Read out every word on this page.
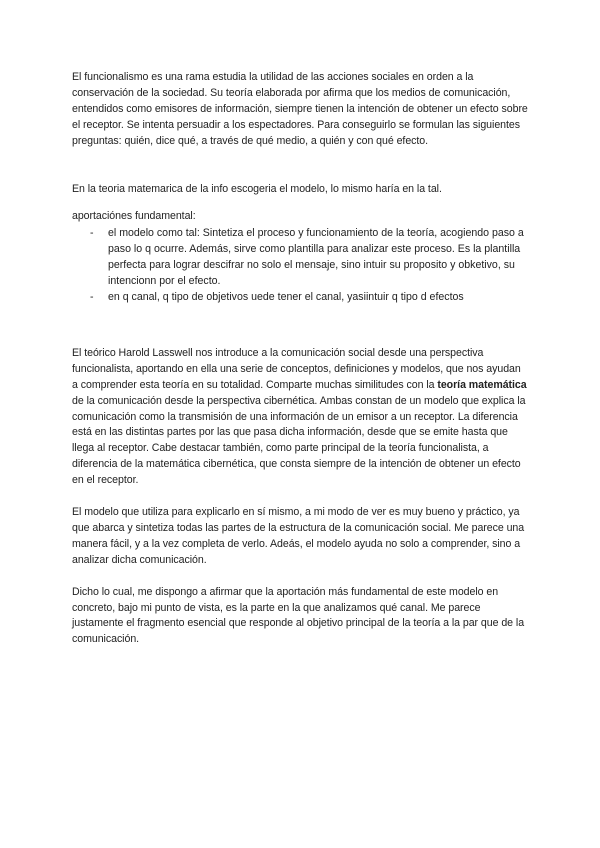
El funcionalismo es una rama estudia la utilidad de las acciones sociales en orden a la conservación de la sociedad. Su teoría elaborada por afirma que los medios de comunicación, entendidos como emisores de información, siempre tienen la intención de obtener un efecto sobre el receptor. Se intenta persuadir a los espectadores. Para conseguirlo se formulan las siguientes preguntas: quién, dice qué, a través de qué medio, a quién y con qué efecto.

En la teoria matemarica de la info escogeria el modelo, lo mismo haría en la tal.

aportaciónes fundamental:

- el modelo como tal: Sintetiza el proceso y funcionamiento de la teoría, acogiendo paso a paso lo q ocurre. Además, sirve como plantilla para analizar este proceso. Es la plantilla perfecta para lograr descifrar no solo el mensaje, sino intuir su proposito y obketivo, su intencionn por el efecto.
- en q canal, q tipo de objetivos uede tener el canal, yasiintuir q tipo d efectos

El teórico Harold Lasswell nos introduce a la comunicación social desde una perspectiva funcionalista, aportando en ella una serie de conceptos, definiciones y modelos, que nos ayudan a comprender esta teoría en su totalidad. Comparte muchas similitudes con la teoría matemática de la comunicación desde la perspectiva cibernética. Ambas constan de un modelo que explica la comunicación como la transmisión de una información de un emisor a un receptor. La diferencia está en las distintas partes por las que pasa dicha información, desde que se emite hasta que llega al receptor. Cabe destacar también, como parte principal de la teoría funcionalista, a diferencia de la matemática cibernética, que consta siempre de la intención de obtener un efecto en el receptor.

El modelo que utiliza para explicarlo en sí mismo, a mi modo de ver es muy bueno y práctico, ya que abarca y sintetiza todas las partes de la estructura de la comunicación social. Me parece una manera fácil, y a la vez completa de verlo. Adeás, el modelo ayuda no solo a comprender, sino a analizar dicha comunicación.

Dicho lo cual, me dispongo a afirmar que la aportación más fundamental de este modelo en concreto, bajo mi punto de vista, es la parte en la que analizamos qué canal. Me parece justamente el fragmento esencial que responde al objetivo principal de la teoría a la par que de la comunicación.
